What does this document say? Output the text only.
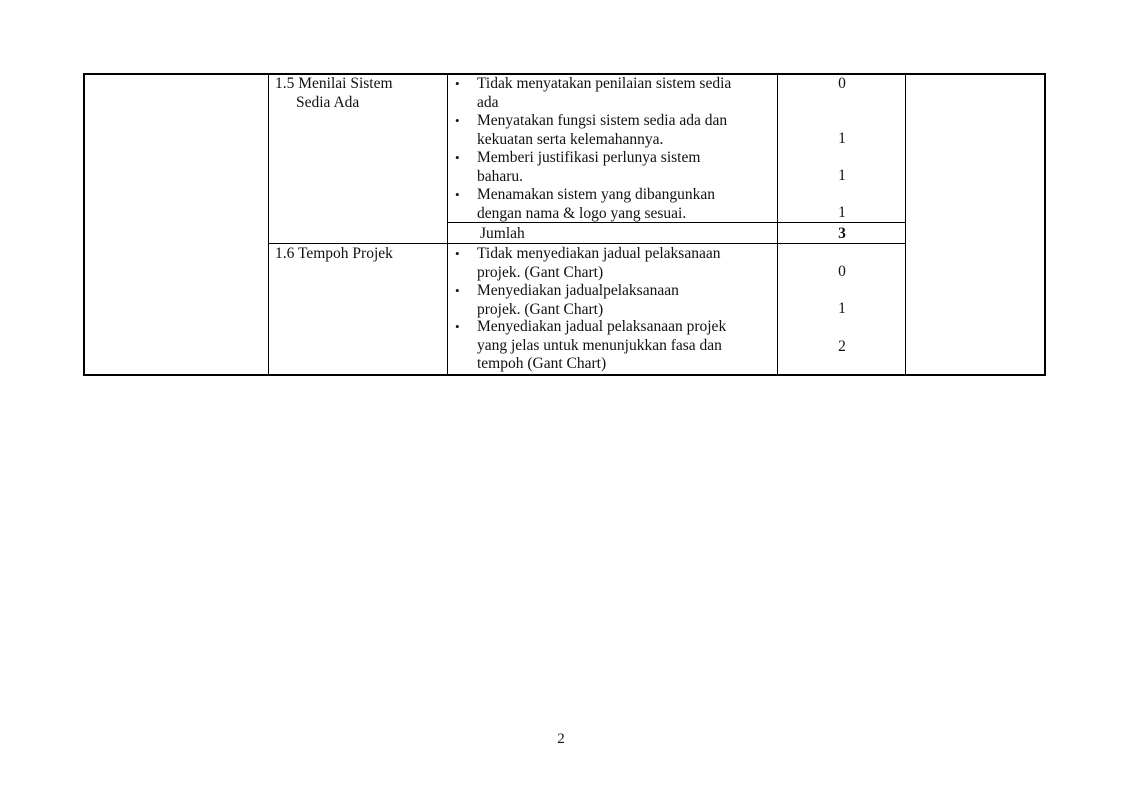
1.5 Menilai Sistem
Sedia Ada
• Tidak menyatakan penilaian sistem sedia
ada
• Menyatakan fungsi sistem sedia ada dan
kekuatan serta kelemahannya.
• Memberi justifikasi perlunya sistem
baharu.
• Menamakan sistem yang dibangunkan
dengan nama & logo yang sesuai.
0
1
1
1
Jumlah	3
1.6 Tempoh Projek	• Tidak menyediakan jadual pelaksanaan
projek. (Gant Chart)
• Menyediakan jadualpelaksanaan
projek. (Gant Chart)
• Menyediakan jadual pelaksanaan projek
yang jelas untuk menunjukkan fasa dan
tempoh (Gant Chart)
0
1
2
2
